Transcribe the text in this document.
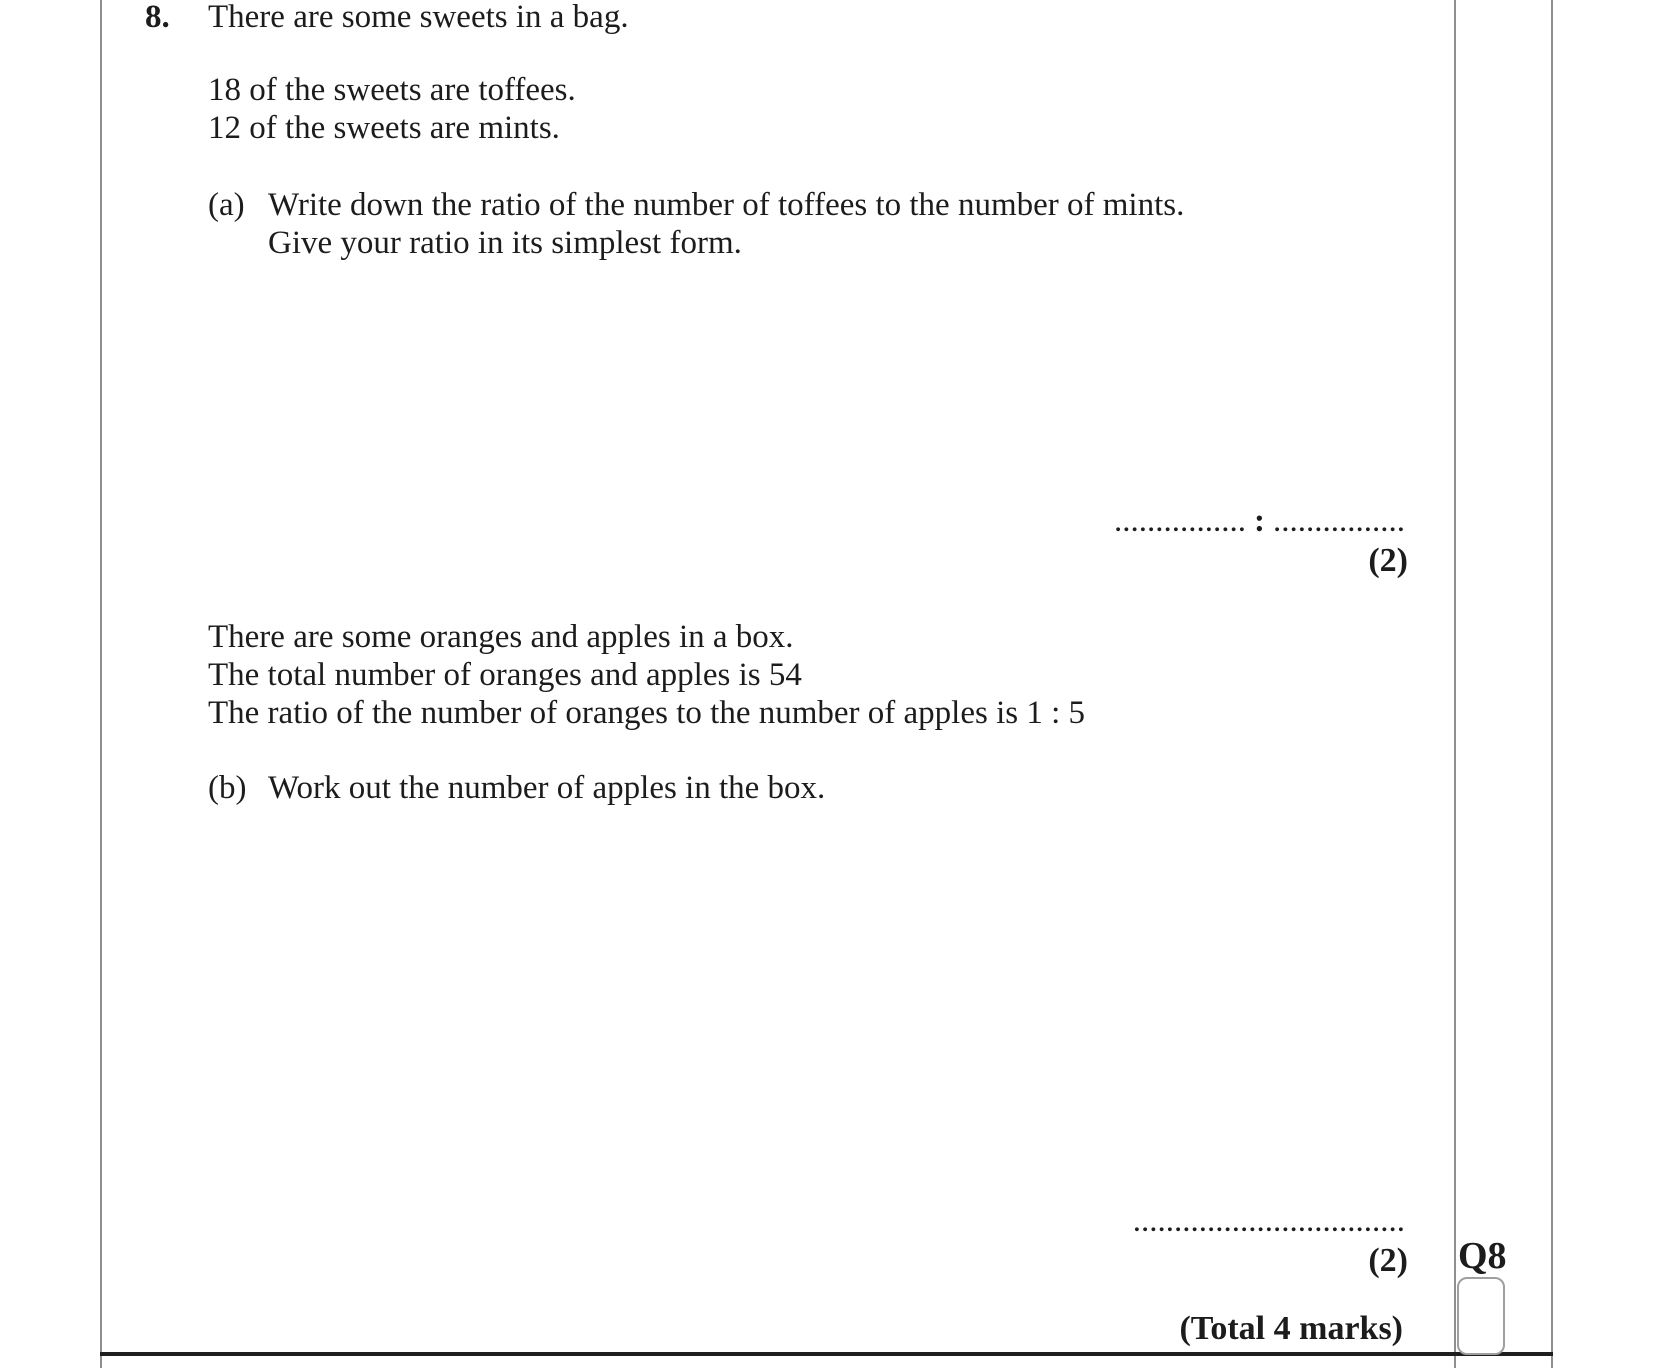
8. There are some sweets in a bag.
18 of the sweets are toffees.
12 of the sweets are mints.
(a) Write down the ratio of the number of toffees to the number of mints.
Give your ratio in its simplest form.
................ : ................
(2)
There are some oranges and apples in a box.
The total number of oranges and apples is 54
The ratio of the number of oranges to the number of apples is 1 : 5
(b) Work out the number of apples in the box.
.................................
(2) Q8
(Total 4 marks)
